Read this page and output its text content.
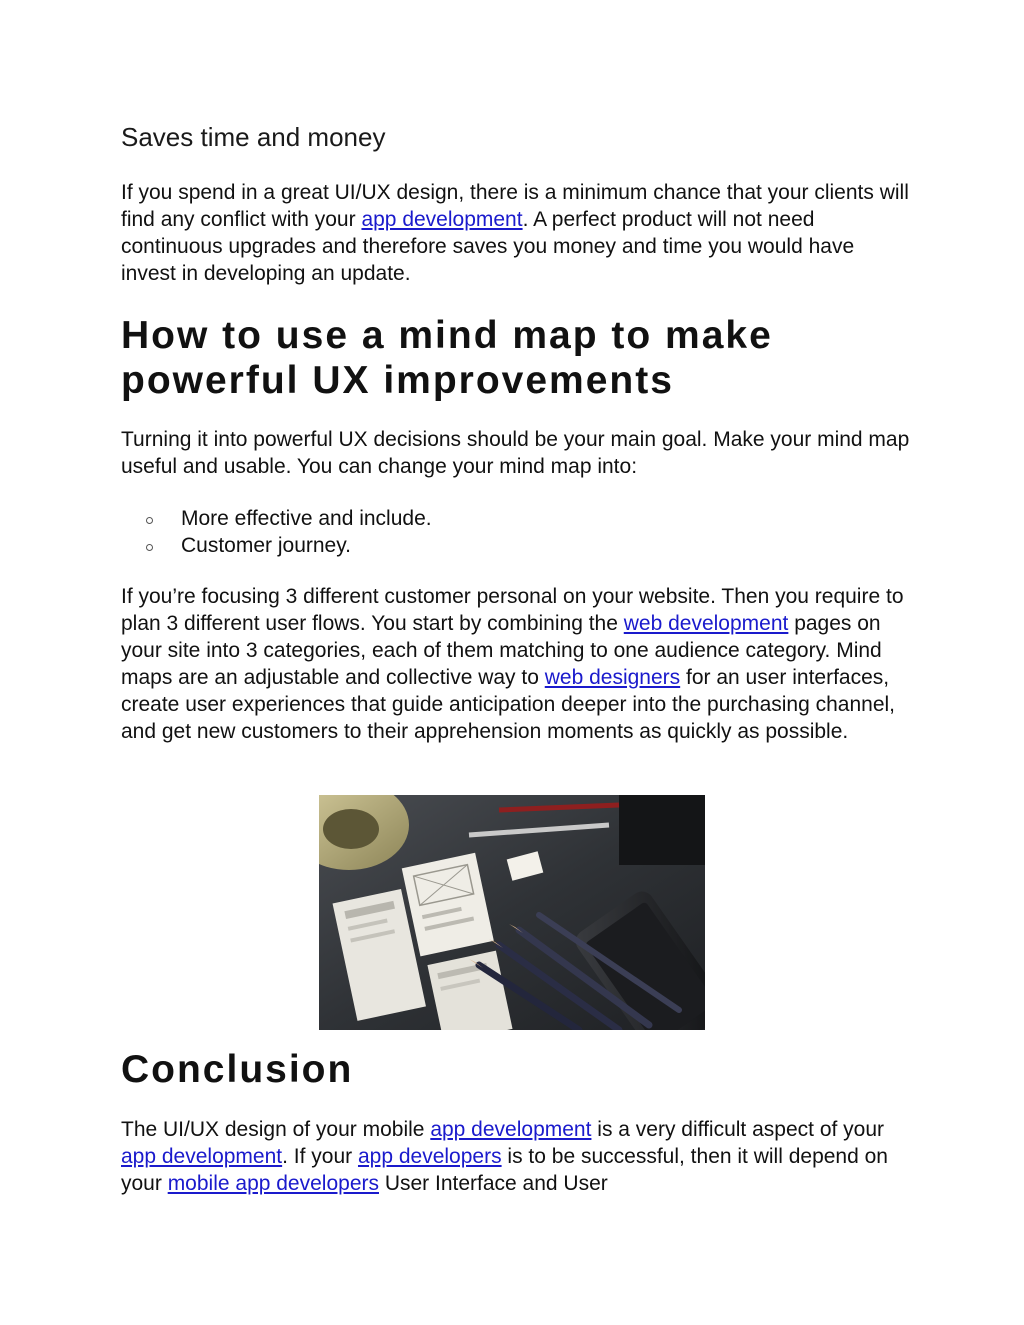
Saves time and money

If you spend in a great UI/UX design, there is a minimum chance that your clients will find any conflict with your app development. A perfect product will not need continuous upgrades and therefore saves you money and time you would have invest in developing an update.

How to use a mind map to make powerful UX improvements

Turning it into powerful UX decisions should be your main goal. Make your mind map useful and usable. You can change your mind map into:

More effective and include.
Customer journey.

If you’re focusing 3 different customer personal on your website. Then you require to plan 3 different user flows. You start by combining the web development pages on your site into 3 categories, each of them matching to one audience category. Mind maps are an adjustable and collective way to web designers for an user interfaces, create user experiences that guide anticipation deeper into the purchasing channel, and get new customers to their apprehension moments as quickly as possible.

Conclusion

The UI/UX design of your mobile app development is a very difficult aspect of your app development. If your app developers is to be successful, then it will depend on your mobile app developers User Interface and User
